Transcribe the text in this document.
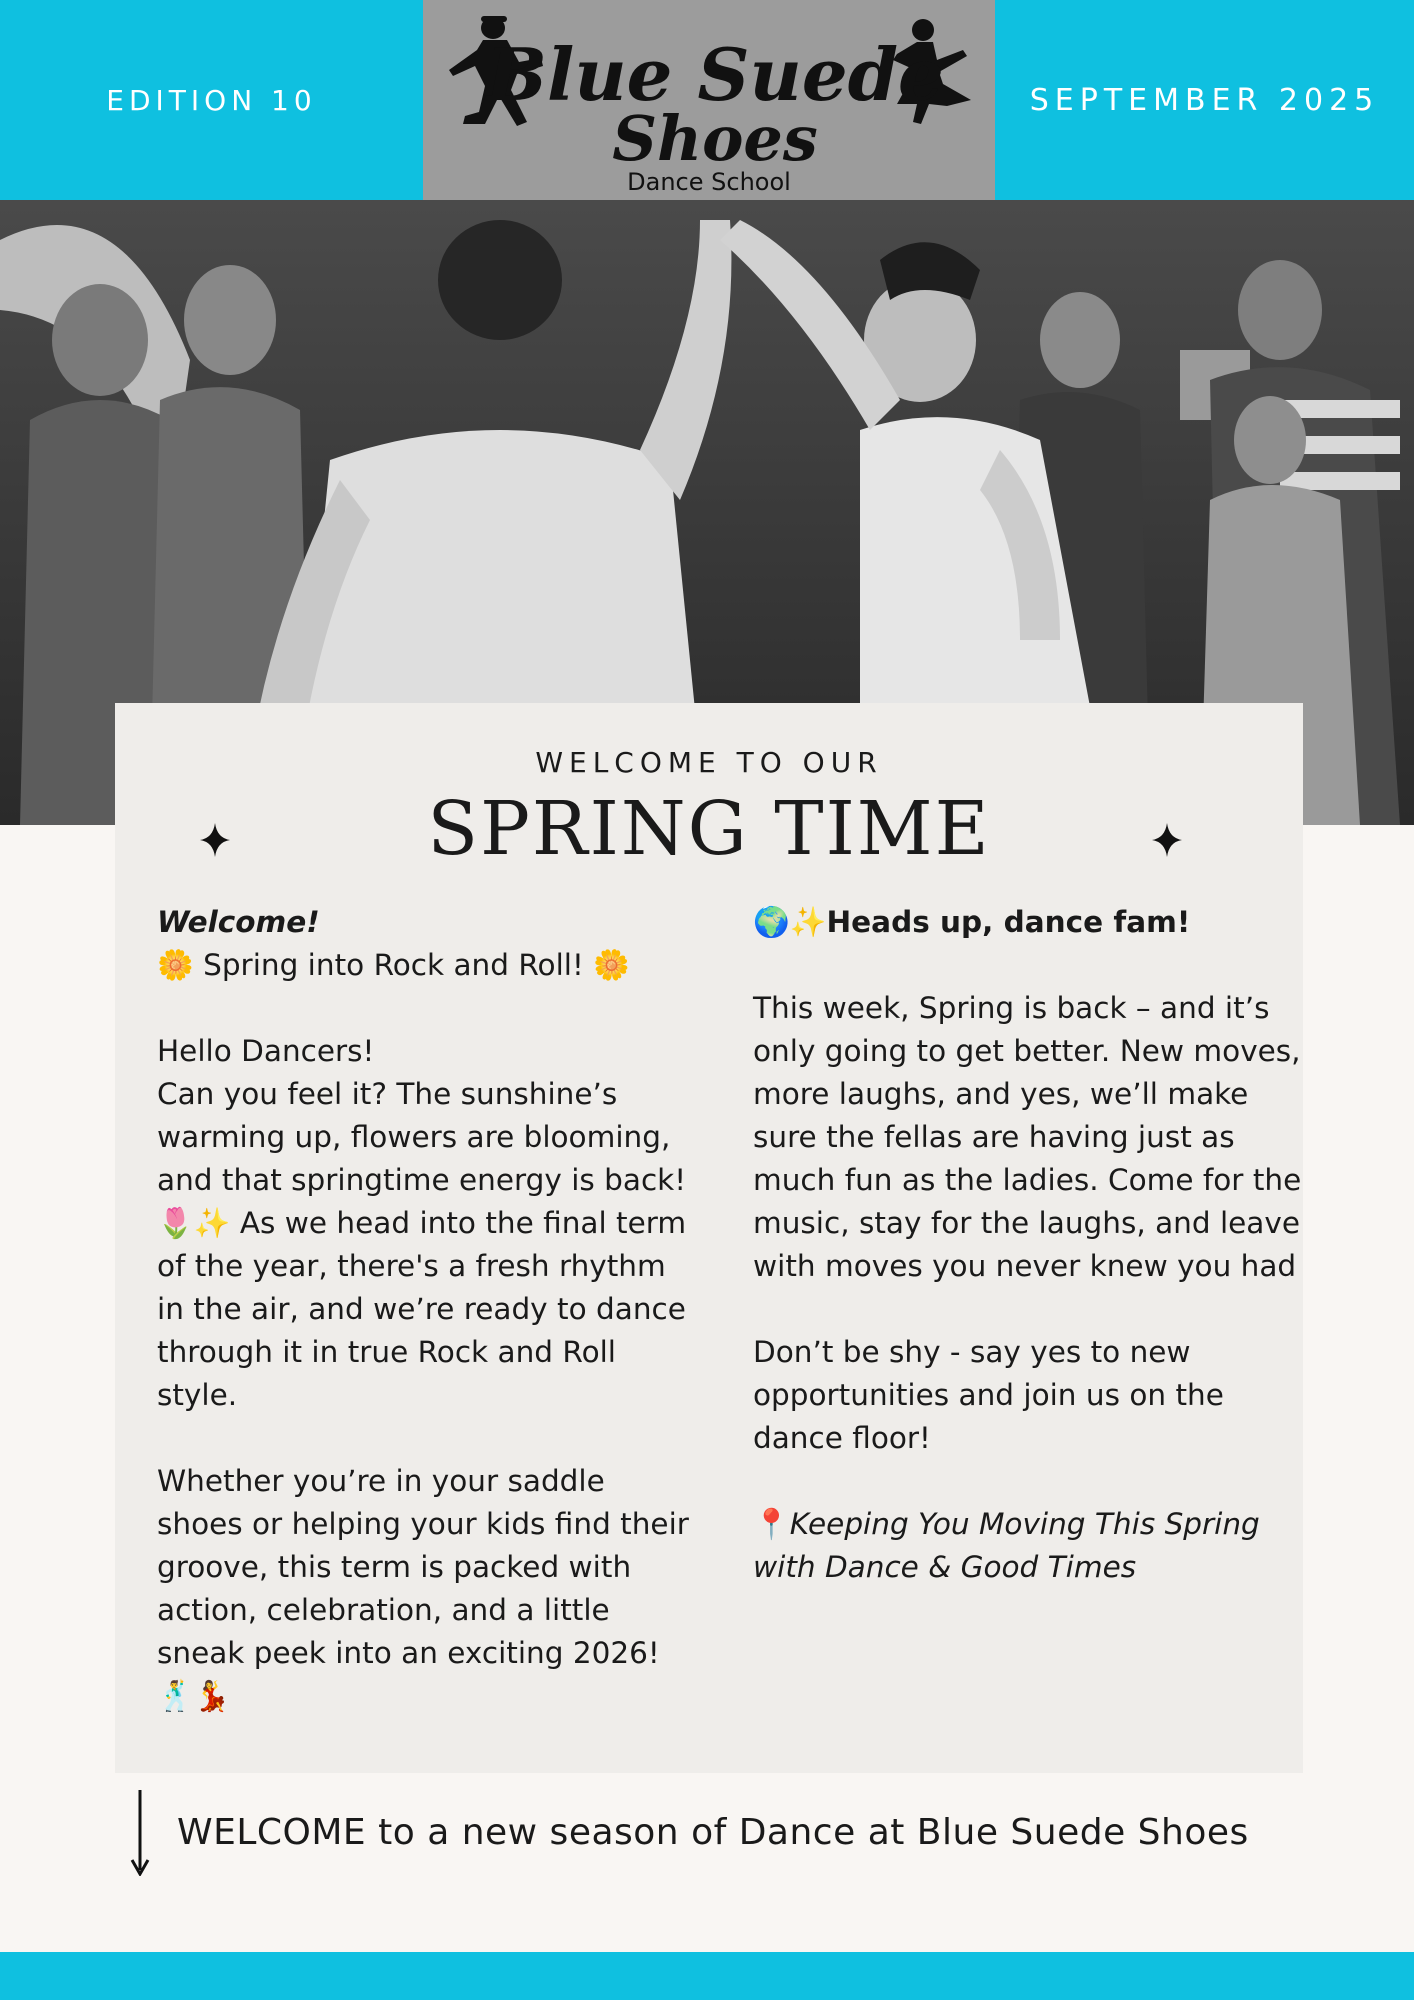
EDITION 10	Blue Suede
Shoes
Dance School
SEPTEMBER 2025
WELCOME TO OUR
SPRING TIME

Welcome!

🌼 Spring into Rock and Roll! 🌼

Hello Dancers!

Can you feel it? The sunshine’s warming up, flowers are blooming, and that springtime energy is back! 🌷✨ As we head into the final term of the year, there's a fresh rhythm in the air, and we’re ready to dance through it in true Rock and Roll style.

Whether you’re in your saddle shoes or helping your kids find their groove, this term is packed with action, celebration, and a little sneak peek into an exciting 2026! 🕺💃

🌍✨Heads up, dance fam!

This week, Spring is back – and it’s only going to get better. New moves, more laughs, and yes, we’ll make sure the fellas are having just as much fun as the ladies. Come for the music, stay for the laughs, and leave with moves you never knew you had

Don’t be shy - say yes to new opportunities and join us on the dance floor!

📍Keeping You Moving This Spring with Dance & Good Times

WELCOME to a new season of Dance at Blue Suede Shoes
